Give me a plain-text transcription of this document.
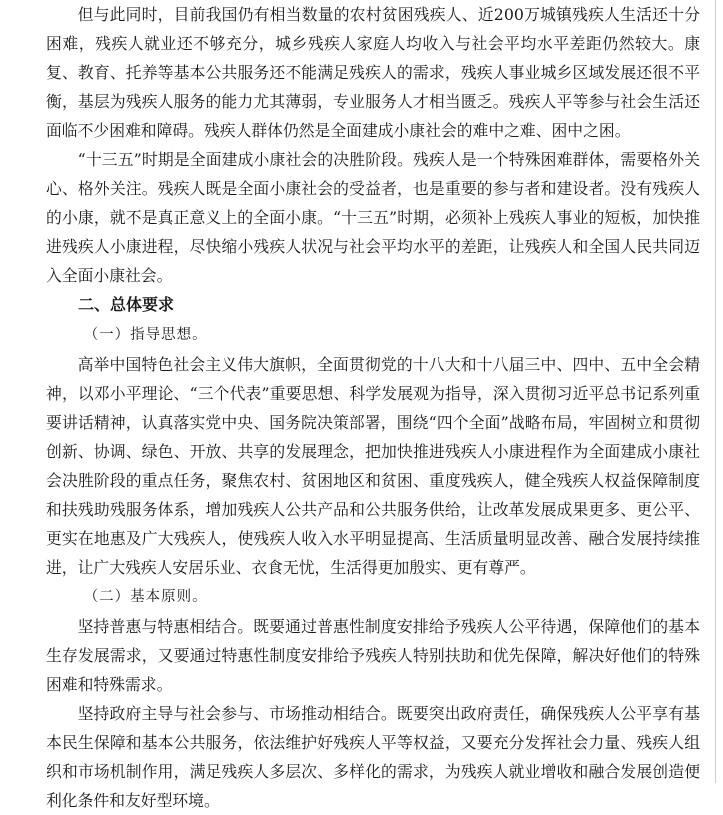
但与此同时，目前我国仍有相当数量的农村贫困残疾人、近200万城镇残疾人生活还十分困难，残疾人就业还不够充分，城乡残疾人家庭人均收入与社会平均水平差距仍然较大。康复、教育、托养等基本公共服务还不能满足残疾人的需求，残疾人事业城乡区域发展还很不平衡，基层为残疾人服务的能力尤其薄弱，专业服务人才相当匮乏。残疾人平等参与社会生活还面临不少困难和障碍。残疾人群体仍然是全面建成小康社会的难中之难、困中之困。

“十三五”时期是全面建成小康社会的决胜阶段。残疾人是一个特殊困难群体，需要格外关心、格外关注。残疾人既是全面小康社会的受益者，也是重要的参与者和建设者。没有残疾人的小康，就不是真正意义上的全面小康。“十三五”时期，必须补上残疾人事业的短板，加快推进残疾人小康进程，尽快缩小残疾人状况与社会平均水平的差距，让残疾人和全国人民共同迈入全面小康社会。

二、总体要求
（一）指导思想。

高举中国特色社会主义伟大旗帜，全面贯彻党的十八大和十八届三中、四中、五中全会精神，以邓小平理论、“三个代表”重要思想、科学发展观为指导，深入贯彻习近平总书记系列重要讲话精神，认真落实党中央、国务院决策部署，围绕“四个全面”战略布局，牢固树立和贯彻创新、协调、绿色、开放、共享的发展理念，把加快推进残疾人小康进程作为全面建成小康社会决胜阶段的重点任务，聚焦农村、贫困地区和贫困、重度残疾人，健全残疾人权益保障制度和扶残助残服务体系，增加残疾人公共产品和公共服务供给，让改革发展成果更多、更公平、更实在地惠及广大残疾人，使残疾人收入水平明显提高、生活质量明显改善、融合发展持续推进，让广大残疾人安居乐业、衣食无忧，生活得更加殷实、更有尊严。

（二）基本原则。

坚持普惠与特惠相结合。既要通过普惠性制度安排给予残疾人公平待遇，保障他们的基本生存发展需求，又要通过特惠性制度安排给予残疾人特别扶助和优先保障，解决好他们的特殊困难和特殊需求。

坚持政府主导与社会参与、市场推动相结合。既要突出政府责任，确保残疾人公平享有基本民生保障和基本公共服务，依法维护好残疾人平等权益，又要充分发挥社会力量、残疾人组织和市场机制作用，满足残疾人多层次、多样化的需求，为残疾人就业增收和融合发展创造便利化条件和友好型环境。
